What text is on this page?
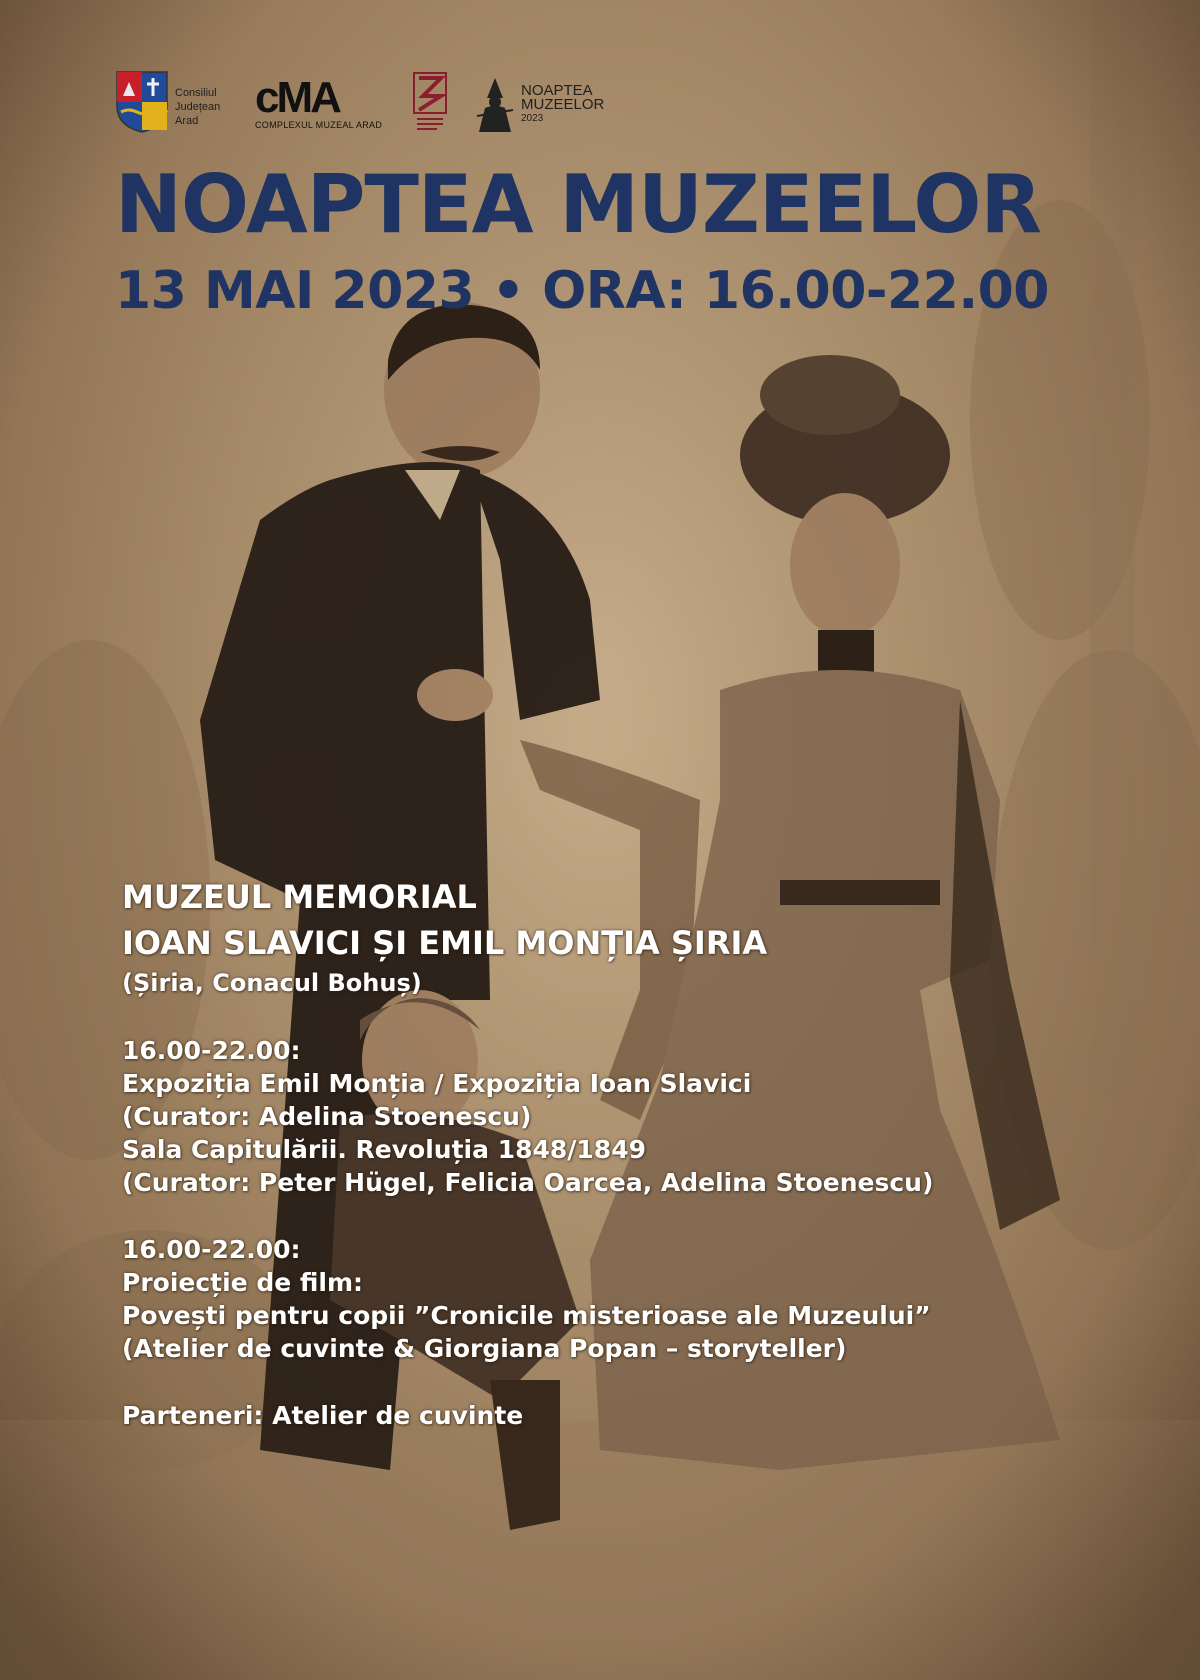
Consiliul
Județean
Arad	cMA
COMPLEXUL MUZEAL ARAD
NOAPTEA
MUZEELOR
2023
NOAPTEA MUZEELOR
13 MAI 2023 • ORA: 16.00-22.00
MUZEUL MEMORIAL
IOAN SLAVICI ȘI EMIL MONȚIA ȘIRIA
(Șiria, Conacul Bohuș)
16.00-22.00:
Expoziția Emil Monția / Expoziția Ioan Slavici
(Curator: Adelina Stoenescu)
Sala Capitulării. Revoluția 1848/1849
(Curator: Peter Hügel, Felicia Oarcea, Adelina Stoenescu)
16.00-22.00:
Proiecție de film:
Povești pentru copii ”Cronicile misterioase ale Muzeului”
(Atelier de cuvinte & Giorgiana Popan – storyteller)
Parteneri: Atelier de cuvinte
